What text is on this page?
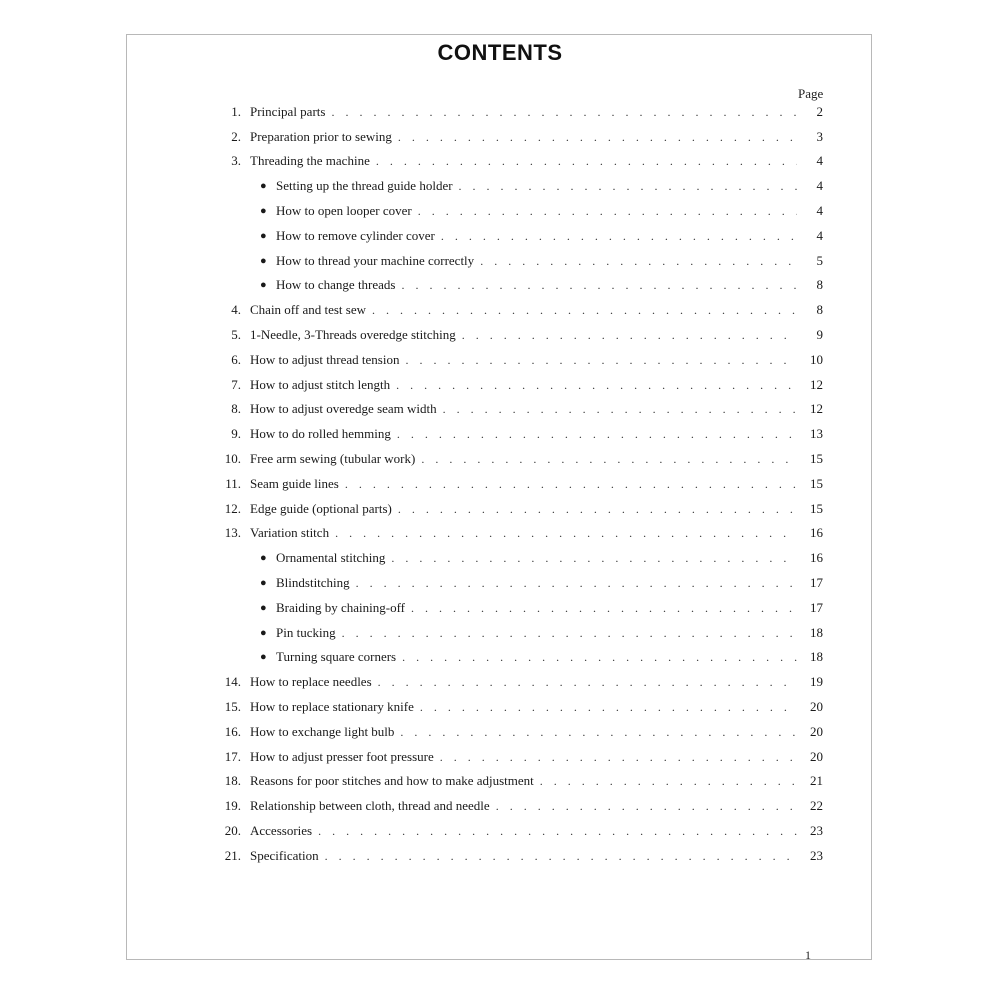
CONTENTS
Page
1. Principal parts . . .	2
2. Preparation prior to sewing . . .	3
3. Threading the machine . . .	4
● Setting up the thread guide holder . . .	4
● How to open looper cover . . .	4
● How to remove cylinder cover . . .	4
● How to thread your machine correctly . . .	5
● How to change threads . . .	8
4. Chain off and test sew . . .	8
5. 1-Needle, 3-Threads overedge stitching . . .	9
6. How to adjust thread tension . . .	10
7. How to adjust stitch length . . .	12
8. How to adjust overedge seam width . . .	12
9. How to do rolled hemming . . .	13
10. Free arm sewing (tubular work) . . .	15
11. Seam guide lines . . .	15
12. Edge guide (optional parts) . . .	15
13. Variation stitch . . .	16
● Ornamental stitching . . .	16
● Blindstitching . . .	17
● Braiding by chaining-off . . .	17
● Pin tucking . . .	18
● Turning square corners . . .	18
14. How to replace needles . . .	19
15. How to replace stationary knife . . .	20
16. How to exchange light bulb . . .	20
17. How to adjust presser foot pressure . . .	20
18. Reasons for poor stitches and how to make adjustment . . .	21
19. Relationship between cloth, thread and needle . . .	22
20. Accessories . . .	23
21. Specification . . .	23
1
